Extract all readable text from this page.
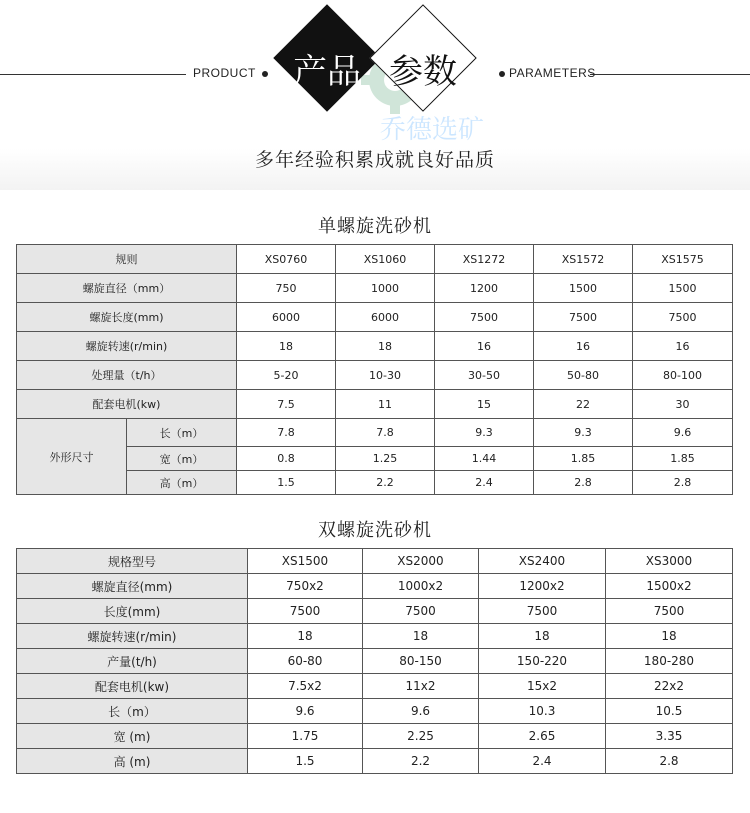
PRODUCT	PARAMETERS
乔德选矿
产品 参数
多年经验积累成就良好品质
单螺旋洗砂机
规则		XS0760	XS1060	XS1272	XS1572	XS1575
螺旋直径（mm）		750	1000	1200	1500	1500
螺旋长度(mm)		6000	6000	7500	7500	7500
螺旋转速(r/min)		18	18	16	16	16
处理量（t/h）		5-20	10-30	30-50	50-80	80-100
配套电机(kw)		7.5	11	15	22	30
外形尺寸	长（m）	7.8	7.8	9.3	9.3	9.6
	宽（m）	0.8	1.25	1.44	1.85	1.85
	高（m）	1.5	2.2	2.4	2.8	2.8
双螺旋洗砂机
规格型号	XS1500	XS2000	XS2400	XS3000
螺旋直径(mm)	750x2	1000x2	1200x2	1500x2
长度(mm)	7500	7500	7500	7500
螺旋转速(r/min)	18	18	18	18
产量(t/h)	60-80	80-150	150-220	180-280
配套电机(kw)	7.5x2	11x2	15x2	22x2
长（m）	9.6	9.6	10.3	10.5
宽 (m)	1.75	2.25	2.65	3.35
高 (m)	1.5	2.2	2.4	2.8
